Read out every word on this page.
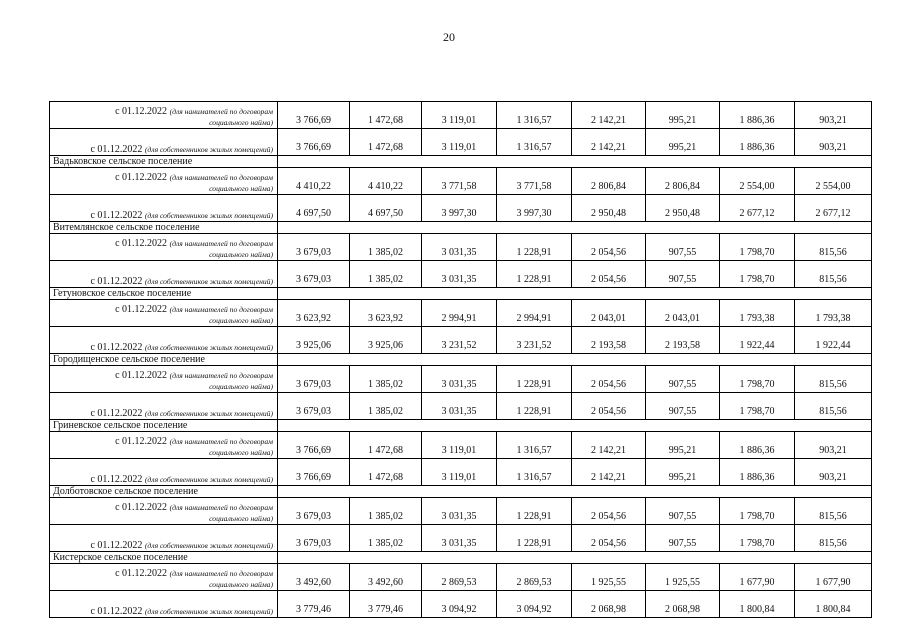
20
с 01.12.2022 (для нанимателей по договорам
социального найма)	3 766,69	1 472,68	3 119,01	1 316,57	2 142,21	995,21	1 886,36	903,21
с 01.12.2022 (для собственников жилых помещений)	3 766,69	1 472,68	3 119,01	1 316,57	2 142,21	995,21	1 886,36	903,21
Вадьковское сельское поселение								

с 01.12.2022 (для нанимателей по договорам
социального найма)	4 410,22	4 410,22	3 771,58	3 771,58	2 806,84	2 806,84	2 554,00	2 554,00
с 01.12.2022 (для собственников жилых помещений)	4 697,50	4 697,50	3 997,30	3 997,30	2 950,48	2 950,48	2 677,12	2 677,12
Витемлянское сельское поселение								

с 01.12.2022 (для нанимателей по договорам
социального найма)	3 679,03	1 385,02	3 031,35	1 228,91	2 054,56	907,55	1 798,70	815,56
с 01.12.2022 (для собственников жилых помещений)	3 679,03	1 385,02	3 031,35	1 228,91	2 054,56	907,55	1 798,70	815,56
Гетуновское сельское поселение								

с 01.12.2022 (для нанимателей по договорам
социального найма)	3 623,92	3 623,92	2 994,91	2 994,91	2 043,01	2 043,01	1 793,38	1 793,38
с 01.12.2022 (для собственников жилых помещений)	3 925,06	3 925,06	3 231,52	3 231,52	2 193,58	2 193,58	1 922,44	1 922,44
Городищенское сельское поселение								

с 01.12.2022 (для нанимателей по договорам
социального найма)	3 679,03	1 385,02	3 031,35	1 228,91	2 054,56	907,55	1 798,70	815,56
с 01.12.2022 (для собственников жилых помещений)	3 679,03	1 385,02	3 031,35	1 228,91	2 054,56	907,55	1 798,70	815,56
Гриневское сельское поселение								

с 01.12.2022 (для нанимателей по договорам
социального найма)	3 766,69	1 472,68	3 119,01	1 316,57	2 142,21	995,21	1 886,36	903,21
с 01.12.2022 (для собственников жилых помещений)	3 766,69	1 472,68	3 119,01	1 316,57	2 142,21	995,21	1 886,36	903,21
Долботовское сельское поселение								

с 01.12.2022 (для нанимателей по договорам
социального найма)	3 679,03	1 385,02	3 031,35	1 228,91	2 054,56	907,55	1 798,70	815,56
с 01.12.2022 (для собственников жилых помещений)	3 679,03	1 385,02	3 031,35	1 228,91	2 054,56	907,55	1 798,70	815,56
Кистерское сельское поселение								

с 01.12.2022 (для нанимателей по договорам
социального найма)	3 492,60	3 492,60	2 869,53	2 869,53	1 925,55	1 925,55	1 677,90	1 677,90
с 01.12.2022 (для собственников жилых помещений)	3 779,46	3 779,46	3 094,92	3 094,92	2 068,98	2 068,98	1 800,84	1 800,84
